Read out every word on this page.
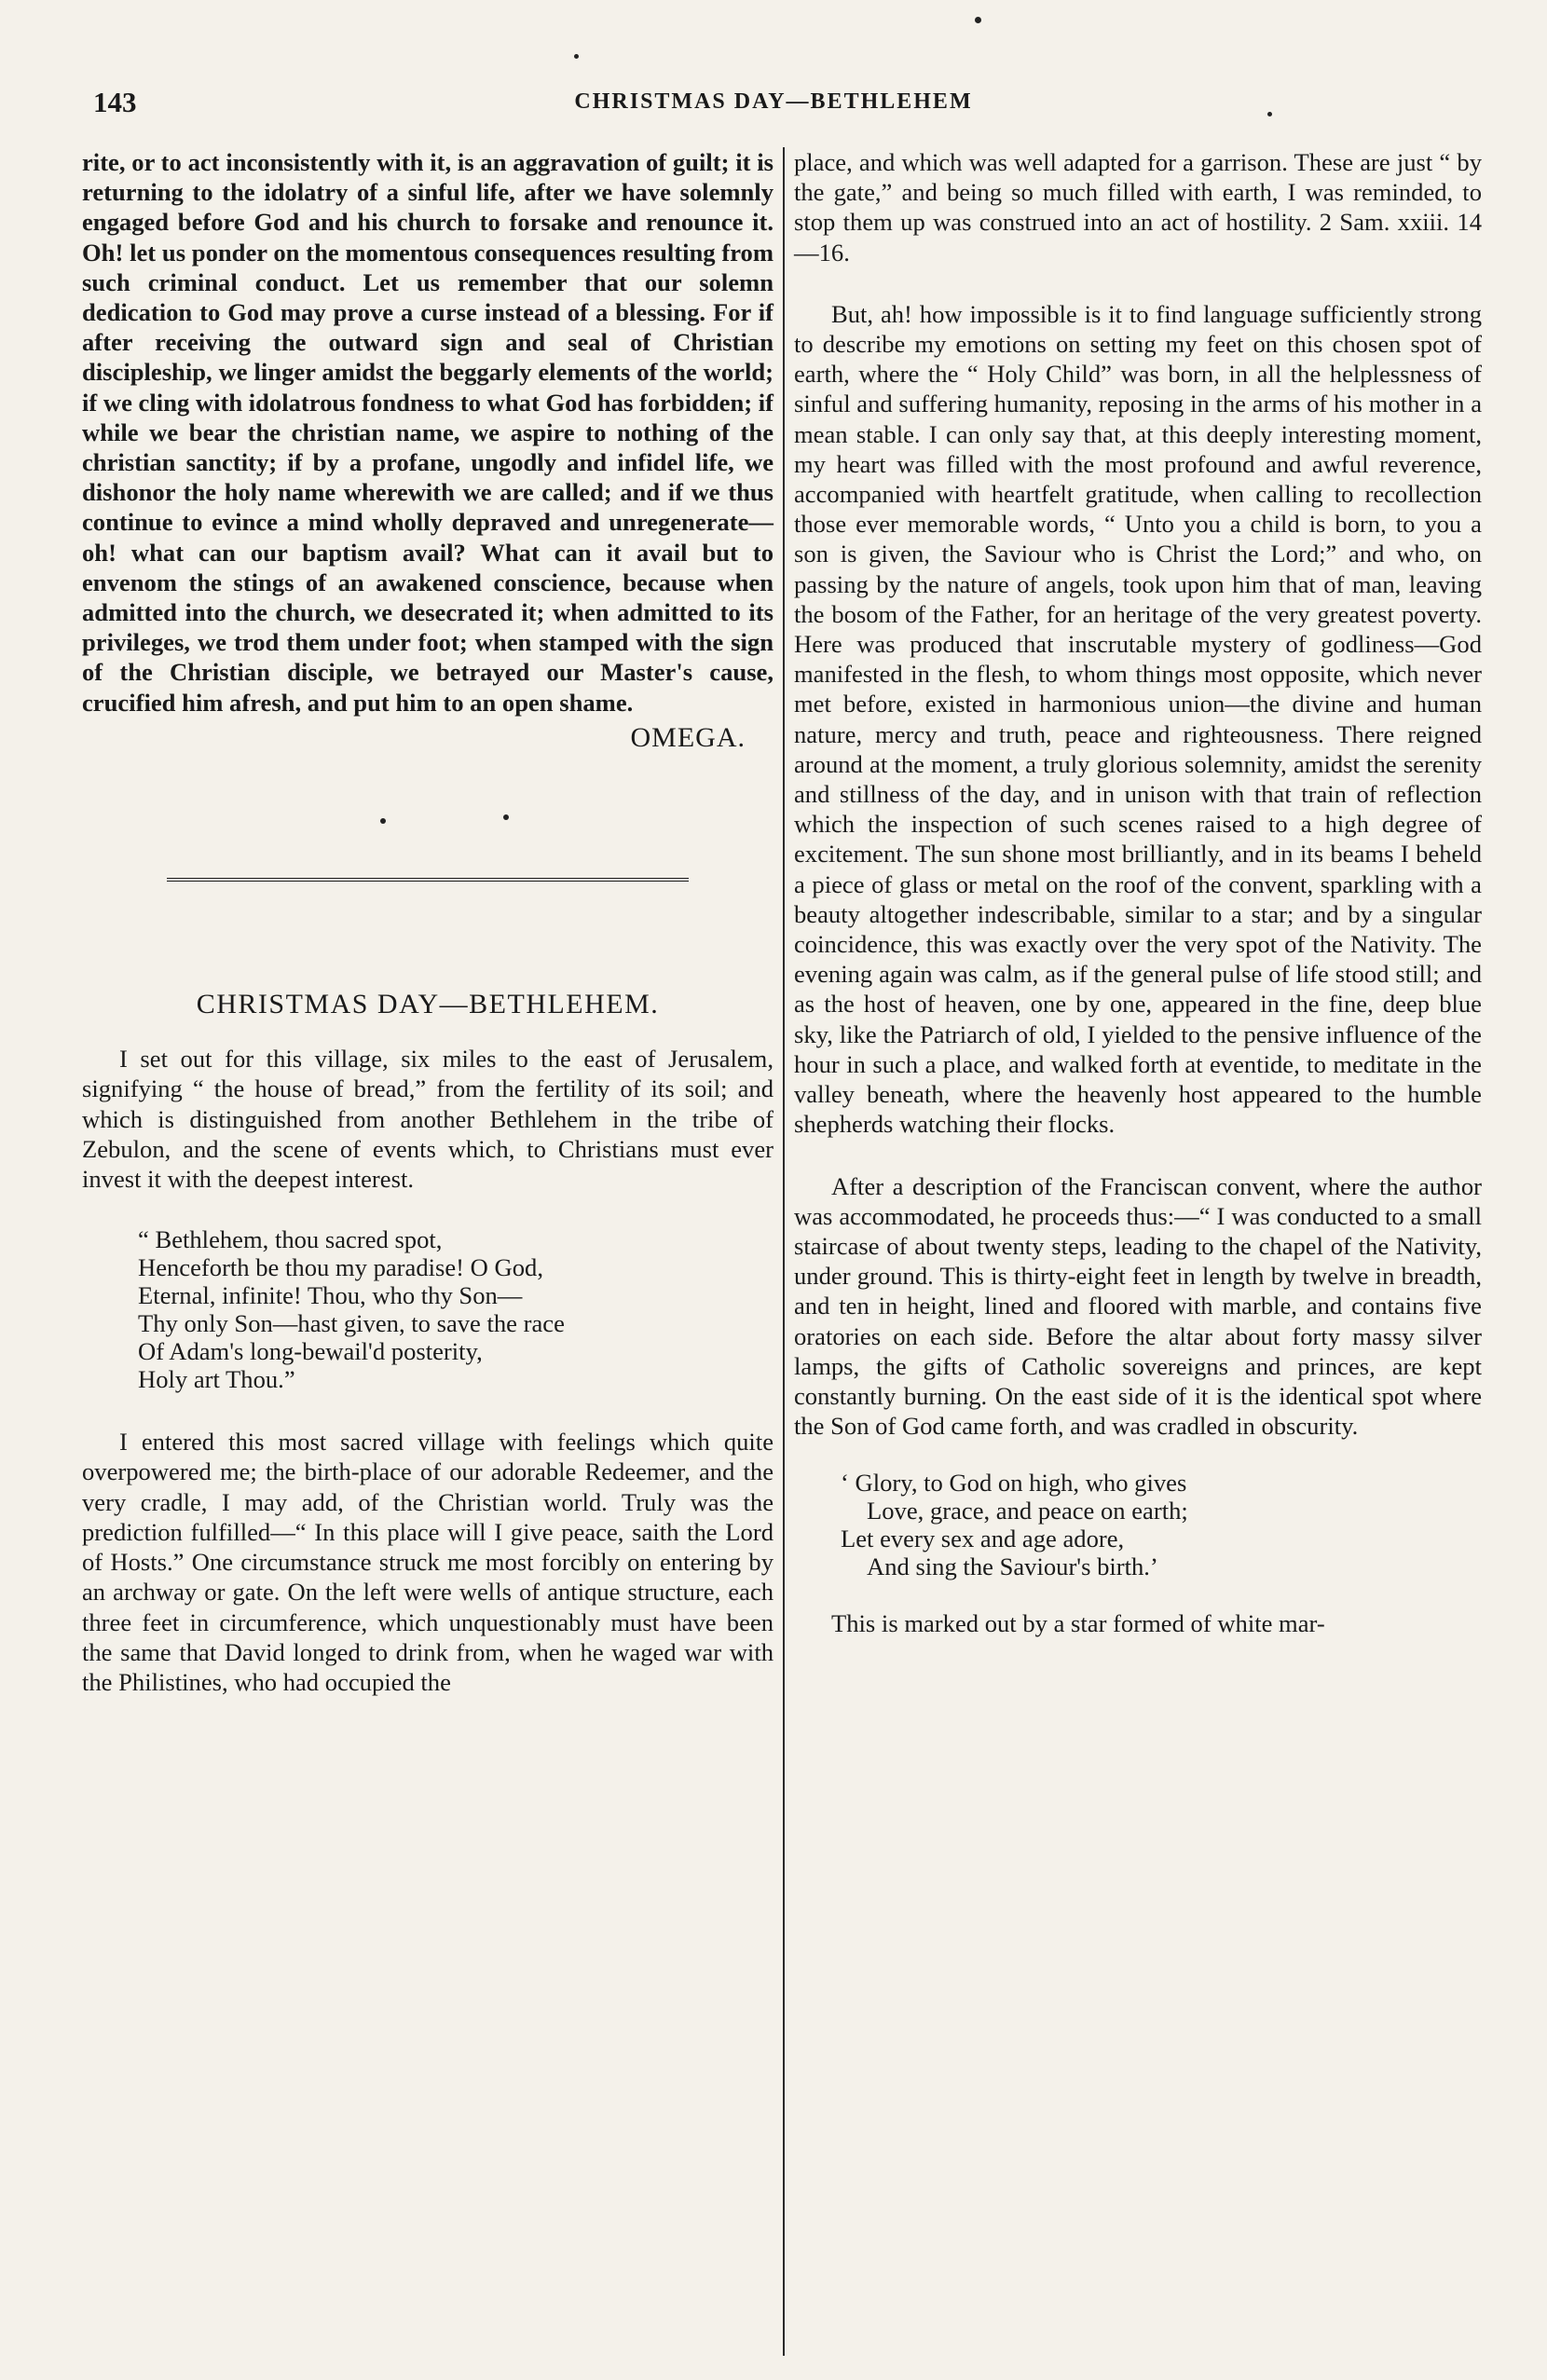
143	CHRISTMAS DAY—BETHLEHEM

rite, or to act inconsistently with it, is an aggravation of guilt; it is returning to the idolatry of a sinful life, after we have solemnly engaged before God and his church to forsake and renounce it. Oh! let us ponder on the momentous consequences resulting from such criminal conduct. Let us remember that our solemn dedication to God may prove a curse instead of a blessing. For if after receiving the outward sign and seal of Christian discipleship, we linger amidst the beggarly elements of the world; if we cling with idolatrous fondness to what God has forbidden; if while we bear the christian name, we aspire to nothing of the christian sanctity; if by a profane, ungodly and infidel life, we dishonor the holy name wherewith we are called; and if we thus continue to evince a mind wholly depraved and unregenerate—oh! what can our baptism avail? What can it avail but to envenom the stings of an awakened conscience, because when admitted into the church, we desecrated it; when admitted to its privileges, we trod them under foot; when stamped with the sign of the Christian disciple, we betrayed our Master's cause, crucified him afresh, and put him to an open shame.

OMEGA.
CHRISTMAS DAY—BETHLEHEM.

I set out for this village, six miles to the east of Jerusalem, signifying “ the house of bread,” from the fertility of its soil; and which is distinguished from another Bethlehem in the tribe of Zebulon, and the scene of events which, to Christians must ever invest it with the deepest interest.

“ Bethlehem, thou sacred spot,
Henceforth be thou my paradise! O God,
Eternal, infinite! Thou, who thy Son—
Thy only Son—hast given, to save the race
Of Adam's long-bewail'd posterity,
Holy art Thou.”

I entered this most sacred village with feelings which quite overpowered me; the birth-place of our adorable Redeemer, and the very cradle, I may add, of the Christian world. Truly was the prediction fulfilled—“ In this place will I give peace, saith the Lord of Hosts.” One circumstance struck me most forcibly on entering by an archway or gate. On the left were wells of antique structure, each three feet in circumference, which unquestionably must have been the same that David longed to drink from, when he waged war with the Philistines, who had occupied the

place, and which was well adapted for a garrison. These are just “ by the gate,” and being so much filled with earth, I was reminded, to stop them up was construed into an act of hostility. 2 Sam. xxiii. 14—16.

But, ah! how impossible is it to find language sufficiently strong to describe my emotions on setting my feet on this chosen spot of earth, where the “ Holy Child” was born, in all the helplessness of sinful and suffering humanity, reposing in the arms of his mother in a mean stable. I can only say that, at this deeply interesting moment, my heart was filled with the most profound and awful reverence, accompanied with heartfelt gratitude, when calling to recollection those ever memorable words, “ Unto you a child is born, to you a son is given, the Saviour who is Christ the Lord;” and who, on passing by the nature of angels, took upon him that of man, leaving the bosom of the Father, for an heritage of the very greatest poverty. Here was produced that inscrutable mystery of godliness—God manifested in the flesh, to whom things most opposite, which never met before, existed in harmonious union—the divine and human nature, mercy and truth, peace and righteousness. There reigned around at the moment, a truly glorious solemnity, amidst the serenity and stillness of the day, and in unison with that train of reflection which the inspection of such scenes raised to a high degree of excitement. The sun shone most brilliantly, and in its beams I beheld a piece of glass or metal on the roof of the convent, sparkling with a beauty altogether indescribable, similar to a star; and by a singular coincidence, this was exactly over the very spot of the Nativity. The evening again was calm, as if the general pulse of life stood still; and as the host of heaven, one by one, appeared in the fine, deep blue sky, like the Patriarch of old, I yielded to the pensive influence of the hour in such a place, and walked forth at eventide, to meditate in the valley beneath, where the heavenly host appeared to the humble shepherds watching their flocks.

After a description of the Franciscan convent, where the author was accommodated, he proceeds thus:—“ I was conducted to a small staircase of about twenty steps, leading to the chapel of the Nativity, under ground. This is thirty-eight feet in length by twelve in breadth, and ten in height, lined and floored with marble, and contains five oratories on each side. Before the altar about forty massy silver lamps, the gifts of Catholic sovereigns and princes, are kept constantly burning. On the east side of it is the identical spot where the Son of God came forth, and was cradled in obscurity.

‘ Glory, to God on high, who gives
Love, grace, and peace on earth;
Let every sex and age adore,
And sing the Saviour's birth.’

This is marked out by a star formed of white mar-
